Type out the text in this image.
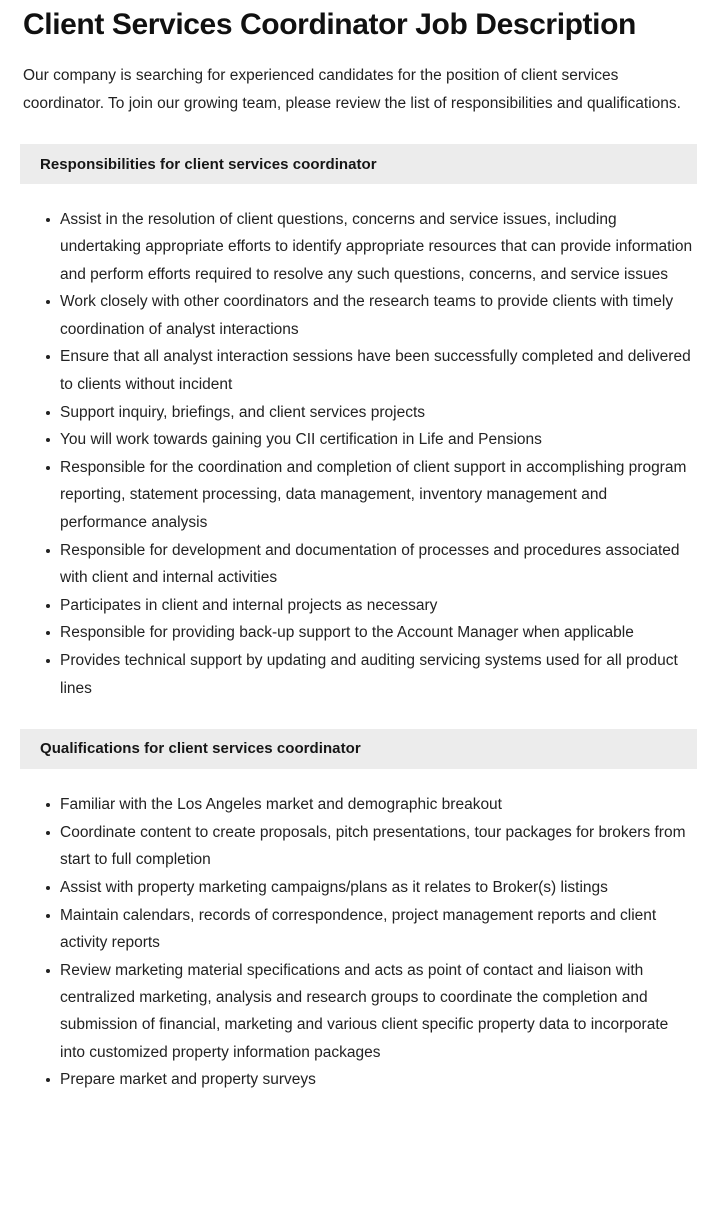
Client Services Coordinator Job Description

Our company is searching for experienced candidates for the position of client services coordinator. To join our growing team, please review the list of responsibilities and qualifications.

Responsibilities for client services coordinator
Assist in the resolution of client questions, concerns and service issues, including undertaking appropriate efforts to identify appropriate resources that can provide information and perform efforts required to resolve any such questions, concerns, and service issues
Work closely with other coordinators and the research teams to provide clients with timely coordination of analyst interactions
Ensure that all analyst interaction sessions have been successfully completed and delivered to clients without incident
Support inquiry, briefings, and client services projects
You will work towards gaining you CII certification in Life and Pensions
Responsible for the coordination and completion of client support in accomplishing program reporting, statement processing, data management, inventory management and performance analysis
Responsible for development and documentation of processes and procedures associated with client and internal activities
Participates in client and internal projects as necessary
Responsible for providing back-up support to the Account Manager when applicable
Provides technical support by updating and auditing servicing systems used for all product lines
Qualifications for client services coordinator
Familiar with the Los Angeles market and demographic breakout
Coordinate content to create proposals, pitch presentations, tour packages for brokers from start to full completion
Assist with property marketing campaigns/plans as it relates to Broker(s) listings
Maintain calendars, records of correspondence, project management reports and client activity reports
Review marketing material specifications and acts as point of contact and liaison with centralized marketing, analysis and research groups to coordinate the completion and submission of financial, marketing and various client specific property data to incorporate into customized property information packages
Prepare market and property surveys
